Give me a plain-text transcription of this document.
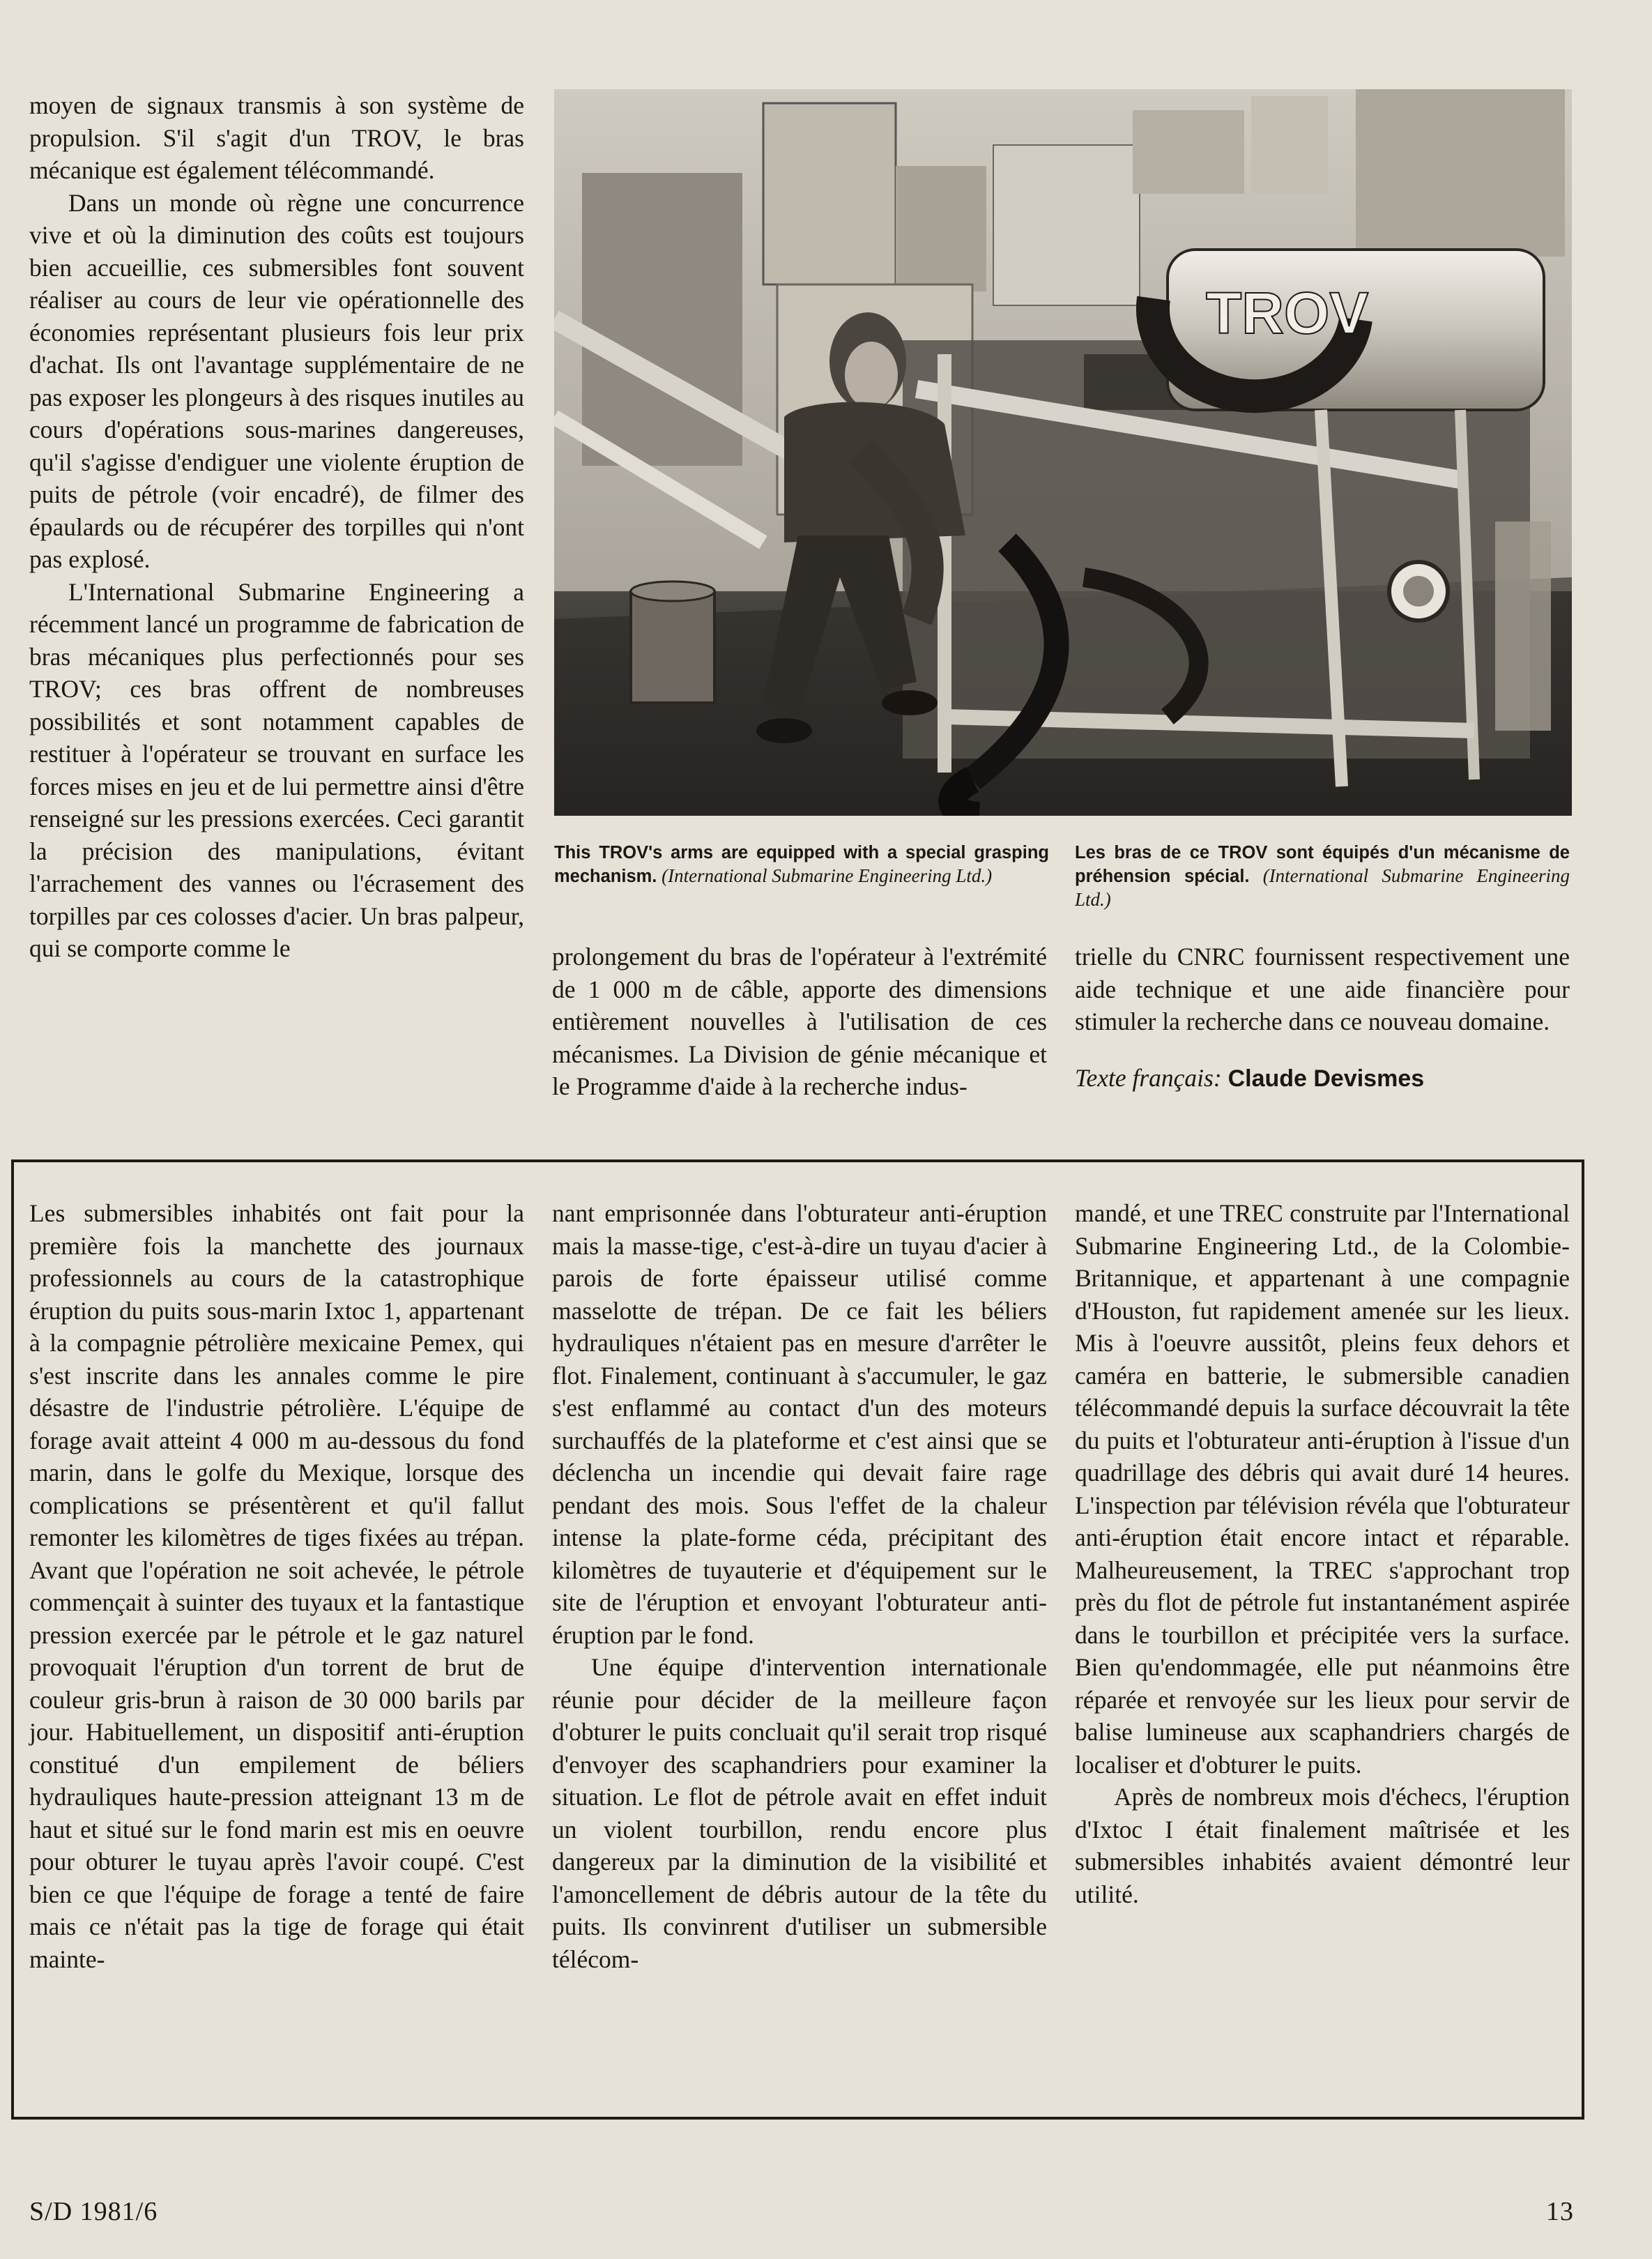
moyen de signaux transmis à son système de propulsion. S'il s'agit d'un TROV, le bras mécanique est également télécommandé.

Dans un monde où règne une concurrence vive et où la diminution des coûts est toujours bien accueillie, ces submersibles font souvent réaliser au cours de leur vie opérationnelle des économies représentant plusieurs fois leur prix d'achat. Ils ont l'avantage supplémentaire de ne pas exposer les plongeurs à des risques inutiles au cours d'opérations sous-marines dangereuses, qu'il s'agisse d'endiguer une violente éruption de puits de pétrole (voir encadré), de filmer des épaulards ou de récupérer des torpilles qui n'ont pas explosé.

L'International Submarine Engineering a récemment lancé un programme de fabrication de bras mécaniques plus perfectionnés pour ses TROV; ces bras offrent de nombreuses possibilités et sont notamment capables de restituer à l'opérateur se trouvant en surface les forces mises en jeu et de lui permettre ainsi d'être renseigné sur les pressions exercées. Ceci garantit la précision des manipulations, évitant l'arrachement des vannes ou l'écrasement des torpilles par ces colosses d'acier. Un bras palpeur, qui se comporte comme le

TROV
This TROV's arms are equipped with a special grasping mechanism. (International Submarine Engineering Ltd.)
Les bras de ce TROV sont équipés d'un mécanisme de préhension spécial. (International Submarine Engineering Ltd.)

prolongement du bras de l'opérateur à l'extrémité de 1 000 m de câble, apporte des dimensions entièrement nouvelles à l'utilisation de ces mécanismes. La Division de génie mécanique et le Programme d'aide à la recherche indus-

trielle du CNRC fournissent respectivement une aide technique et une aide financière pour stimuler la recherche dans ce nouveau domaine.

Texte français: Claude Devismes

Les submersibles inhabités ont fait pour la première fois la manchette des journaux professionnels au cours de la catastrophique éruption du puits sous-marin Ixtoc 1, appartenant à la compagnie pétrolière mexicaine Pemex, qui s'est inscrite dans les annales comme le pire désastre de l'industrie pétrolière. L'équipe de forage avait atteint 4 000 m au-dessous du fond marin, dans le golfe du Mexique, lorsque des complications se présentèrent et qu'il fallut remonter les kilomètres de tiges fixées au trépan. Avant que l'opération ne soit achevée, le pétrole commençait à suinter des tuyaux et la fantastique pression exercée par le pétrole et le gaz naturel provoquait l'éruption d'un torrent de brut de couleur gris-brun à raison de 30 000 barils par jour. Habituellement, un dispositif anti-éruption constitué d'un empilement de béliers hydrauliques haute-pression atteignant 13 m de haut et situé sur le fond marin est mis en oeuvre pour obturer le tuyau après l'avoir coupé. C'est bien ce que l'équipe de forage a tenté de faire mais ce n'était pas la tige de forage qui était mainte-

nant emprisonnée dans l'obturateur anti-éruption mais la masse-tige, c'est-à-dire un tuyau d'acier à parois de forte épaisseur utilisé comme masselotte de trépan. De ce fait les béliers hydrauliques n'étaient pas en mesure d'arrêter le flot. Finalement, continuant à s'accumuler, le gaz s'est enflammé au contact d'un des moteurs surchauffés de la plateforme et c'est ainsi que se déclencha un incendie qui devait faire rage pendant des mois. Sous l'effet de la chaleur intense la plate-forme céda, précipitant des kilomètres de tuyauterie et d'équipement sur le site de l'éruption et envoyant l'obturateur anti-éruption par le fond.

Une équipe d'intervention internationale réunie pour décider de la meilleure façon d'obturer le puits concluait qu'il serait trop risqué d'envoyer des scaphandriers pour examiner la situation. Le flot de pétrole avait en effet induit un violent tourbillon, rendu encore plus dangereux par la diminution de la visibilité et l'amoncellement de débris autour de la tête du puits. Ils convinrent d'utiliser un submersible télécom-

mandé, et une TREC construite par l'International Submarine Engineering Ltd., de la Colombie-Britannique, et appartenant à une compagnie d'Houston, fut rapidement amenée sur les lieux. Mis à l'oeuvre aussitôt, pleins feux dehors et caméra en batterie, le submersible canadien télécommandé depuis la surface découvrait la tête du puits et l'obturateur anti-éruption à l'issue d'un quadrillage des débris qui avait duré 14 heures. L'inspection par télévision révéla que l'obturateur anti-éruption était encore intact et réparable. Malheureusement, la TREC s'approchant trop près du flot de pétrole fut instantanément aspirée dans le tourbillon et précipitée vers la surface. Bien qu'endommagée, elle put néanmoins être réparée et renvoyée sur les lieux pour servir de balise lumineuse aux scaphandriers chargés de localiser et d'obturer le puits.

Après de nombreux mois d'échecs, l'éruption d'Ixtoc I était finalement maîtrisée et les submersibles inhabités avaient démontré leur utilité.

S/D 1981/6	13
